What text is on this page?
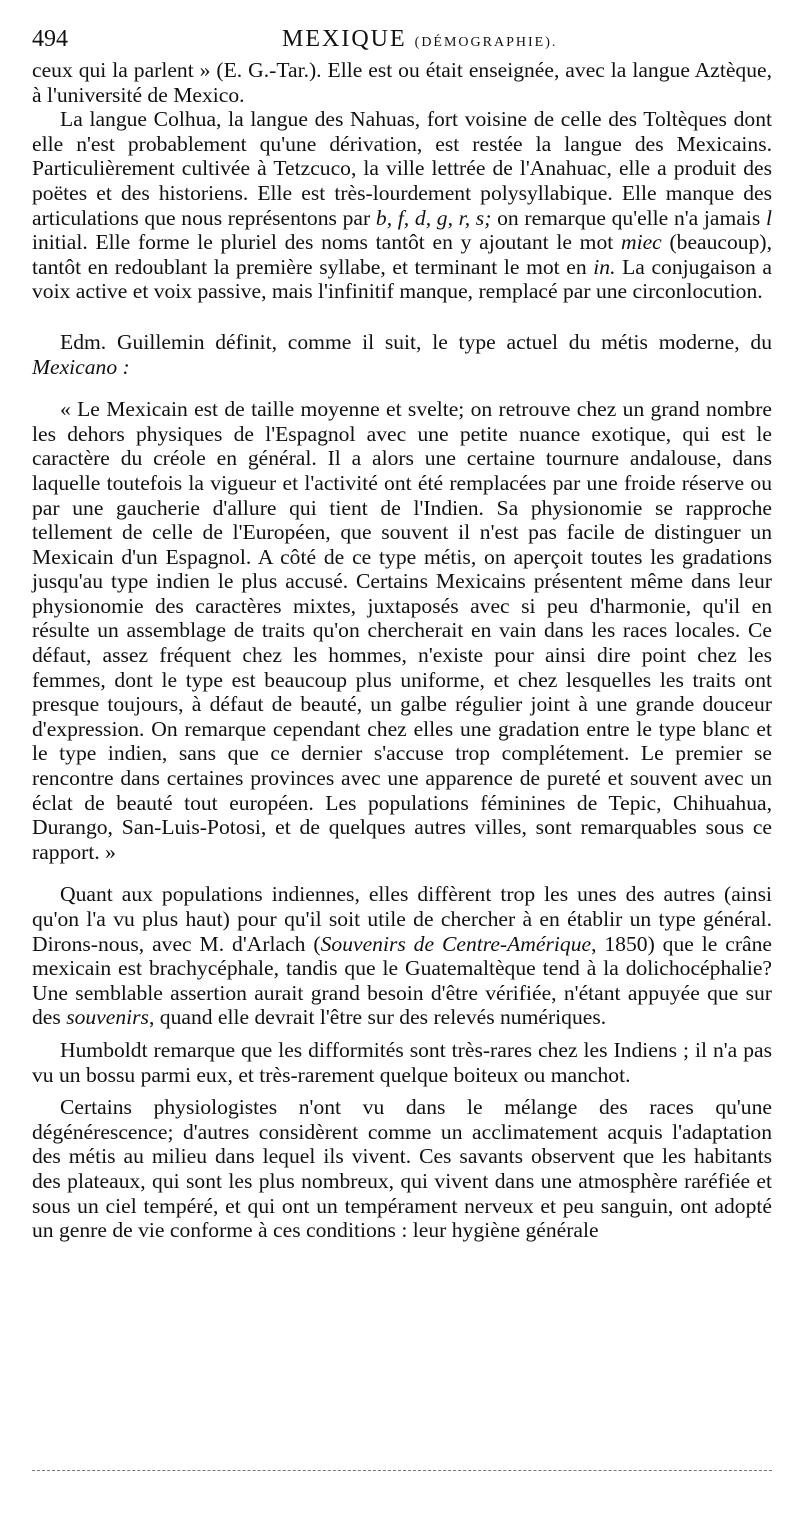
494	MEXIQUE (DÉMOGRAPHIE).

ceux qui la parlent » (E. G.-Tar.). Elle est ou était enseignée, avec la langue Aztèque, à l'université de Mexico.

La langue Colhua, la langue des Nahuas, fort voisine de celle des Toltèques dont elle n'est probablement qu'une dérivation, est restée la langue des Mexicains. Particulièrement cultivée à Tetzcuco, la ville lettrée de l'Anahuac, elle a produit des poëtes et des historiens. Elle est très-lourdement polysyllabique. Elle manque des articulations que nous représentons par b, f, d, g, r, s; on remarque qu'elle n'a jamais l initial. Elle forme le pluriel des noms tantôt en y ajoutant le mot miec (beaucoup), tantôt en redoublant la première syllabe, et terminant le mot en in. La conjugaison a voix active et voix passive, mais l'infinitif manque, remplacé par une circonlocution.

Edm. Guillemin définit, comme il suit, le type actuel du métis moderne, du Mexicano :

« Le Mexicain est de taille moyenne et svelte; on retrouve chez un grand nombre les dehors physiques de l'Espagnol avec une petite nuance exotique, qui est le caractère du créole en général. Il a alors une certaine tournure andalouse, dans laquelle toutefois la vigueur et l'activité ont été remplacées par une froide réserve ou par une gaucherie d'allure qui tient de l'Indien. Sa physionomie se rapproche tellement de celle de l'Européen, que souvent il n'est pas facile de distinguer un Mexicain d'un Espagnol. A côté de ce type métis, on aperçoit toutes les gradations jusqu'au type indien le plus accusé. Certains Mexicains présentent même dans leur physionomie des caractères mixtes, juxtaposés avec si peu d'harmonie, qu'il en résulte un assemblage de traits qu'on chercherait en vain dans les races locales. Ce défaut, assez fréquent chez les hommes, n'existe pour ainsi dire point chez les femmes, dont le type est beaucoup plus uniforme, et chez lesquelles les traits ont presque toujours, à défaut de beauté, un galbe régulier joint à une grande douceur d'expression. On remarque cependant chez elles une gradation entre le type blanc et le type indien, sans que ce dernier s'accuse trop complétement. Le premier se rencontre dans certaines provinces avec une apparence de pureté et souvent avec un éclat de beauté tout européen. Les populations féminines de Tepic, Chihuahua, Durango, San-Luis-Potosi, et de quelques autres villes, sont remarquables sous ce rapport. »

Quant aux populations indiennes, elles diffèrent trop les unes des autres (ainsi qu'on l'a vu plus haut) pour qu'il soit utile de chercher à en établir un type général. Dirons-nous, avec M. d'Arlach (Souvenirs de Centre-Amérique, 1850) que le crâne mexicain est brachycéphale, tandis que le Guatemaltèque tend à la dolichocéphalie? Une semblable assertion aurait grand besoin d'être vérifiée, n'étant appuyée que sur des souvenirs, quand elle devrait l'être sur des relevés numériques.

Humboldt remarque que les difformités sont très-rares chez les Indiens ; il n'a pas vu un bossu parmi eux, et très-rarement quelque boiteux ou manchot.

Certains physiologistes n'ont vu dans le mélange des races qu'une dégénérescence; d'autres considèrent comme un acclimatement acquis l'adaptation des métis au milieu dans lequel ils vivent. Ces savants observent que les habitants des plateaux, qui sont les plus nombreux, qui vivent dans une atmosphère raréfiée et sous un ciel tempéré, et qui ont un tempérament nerveux et peu sanguin, ont adopté un genre de vie conforme à ces conditions : leur hygiène générale
